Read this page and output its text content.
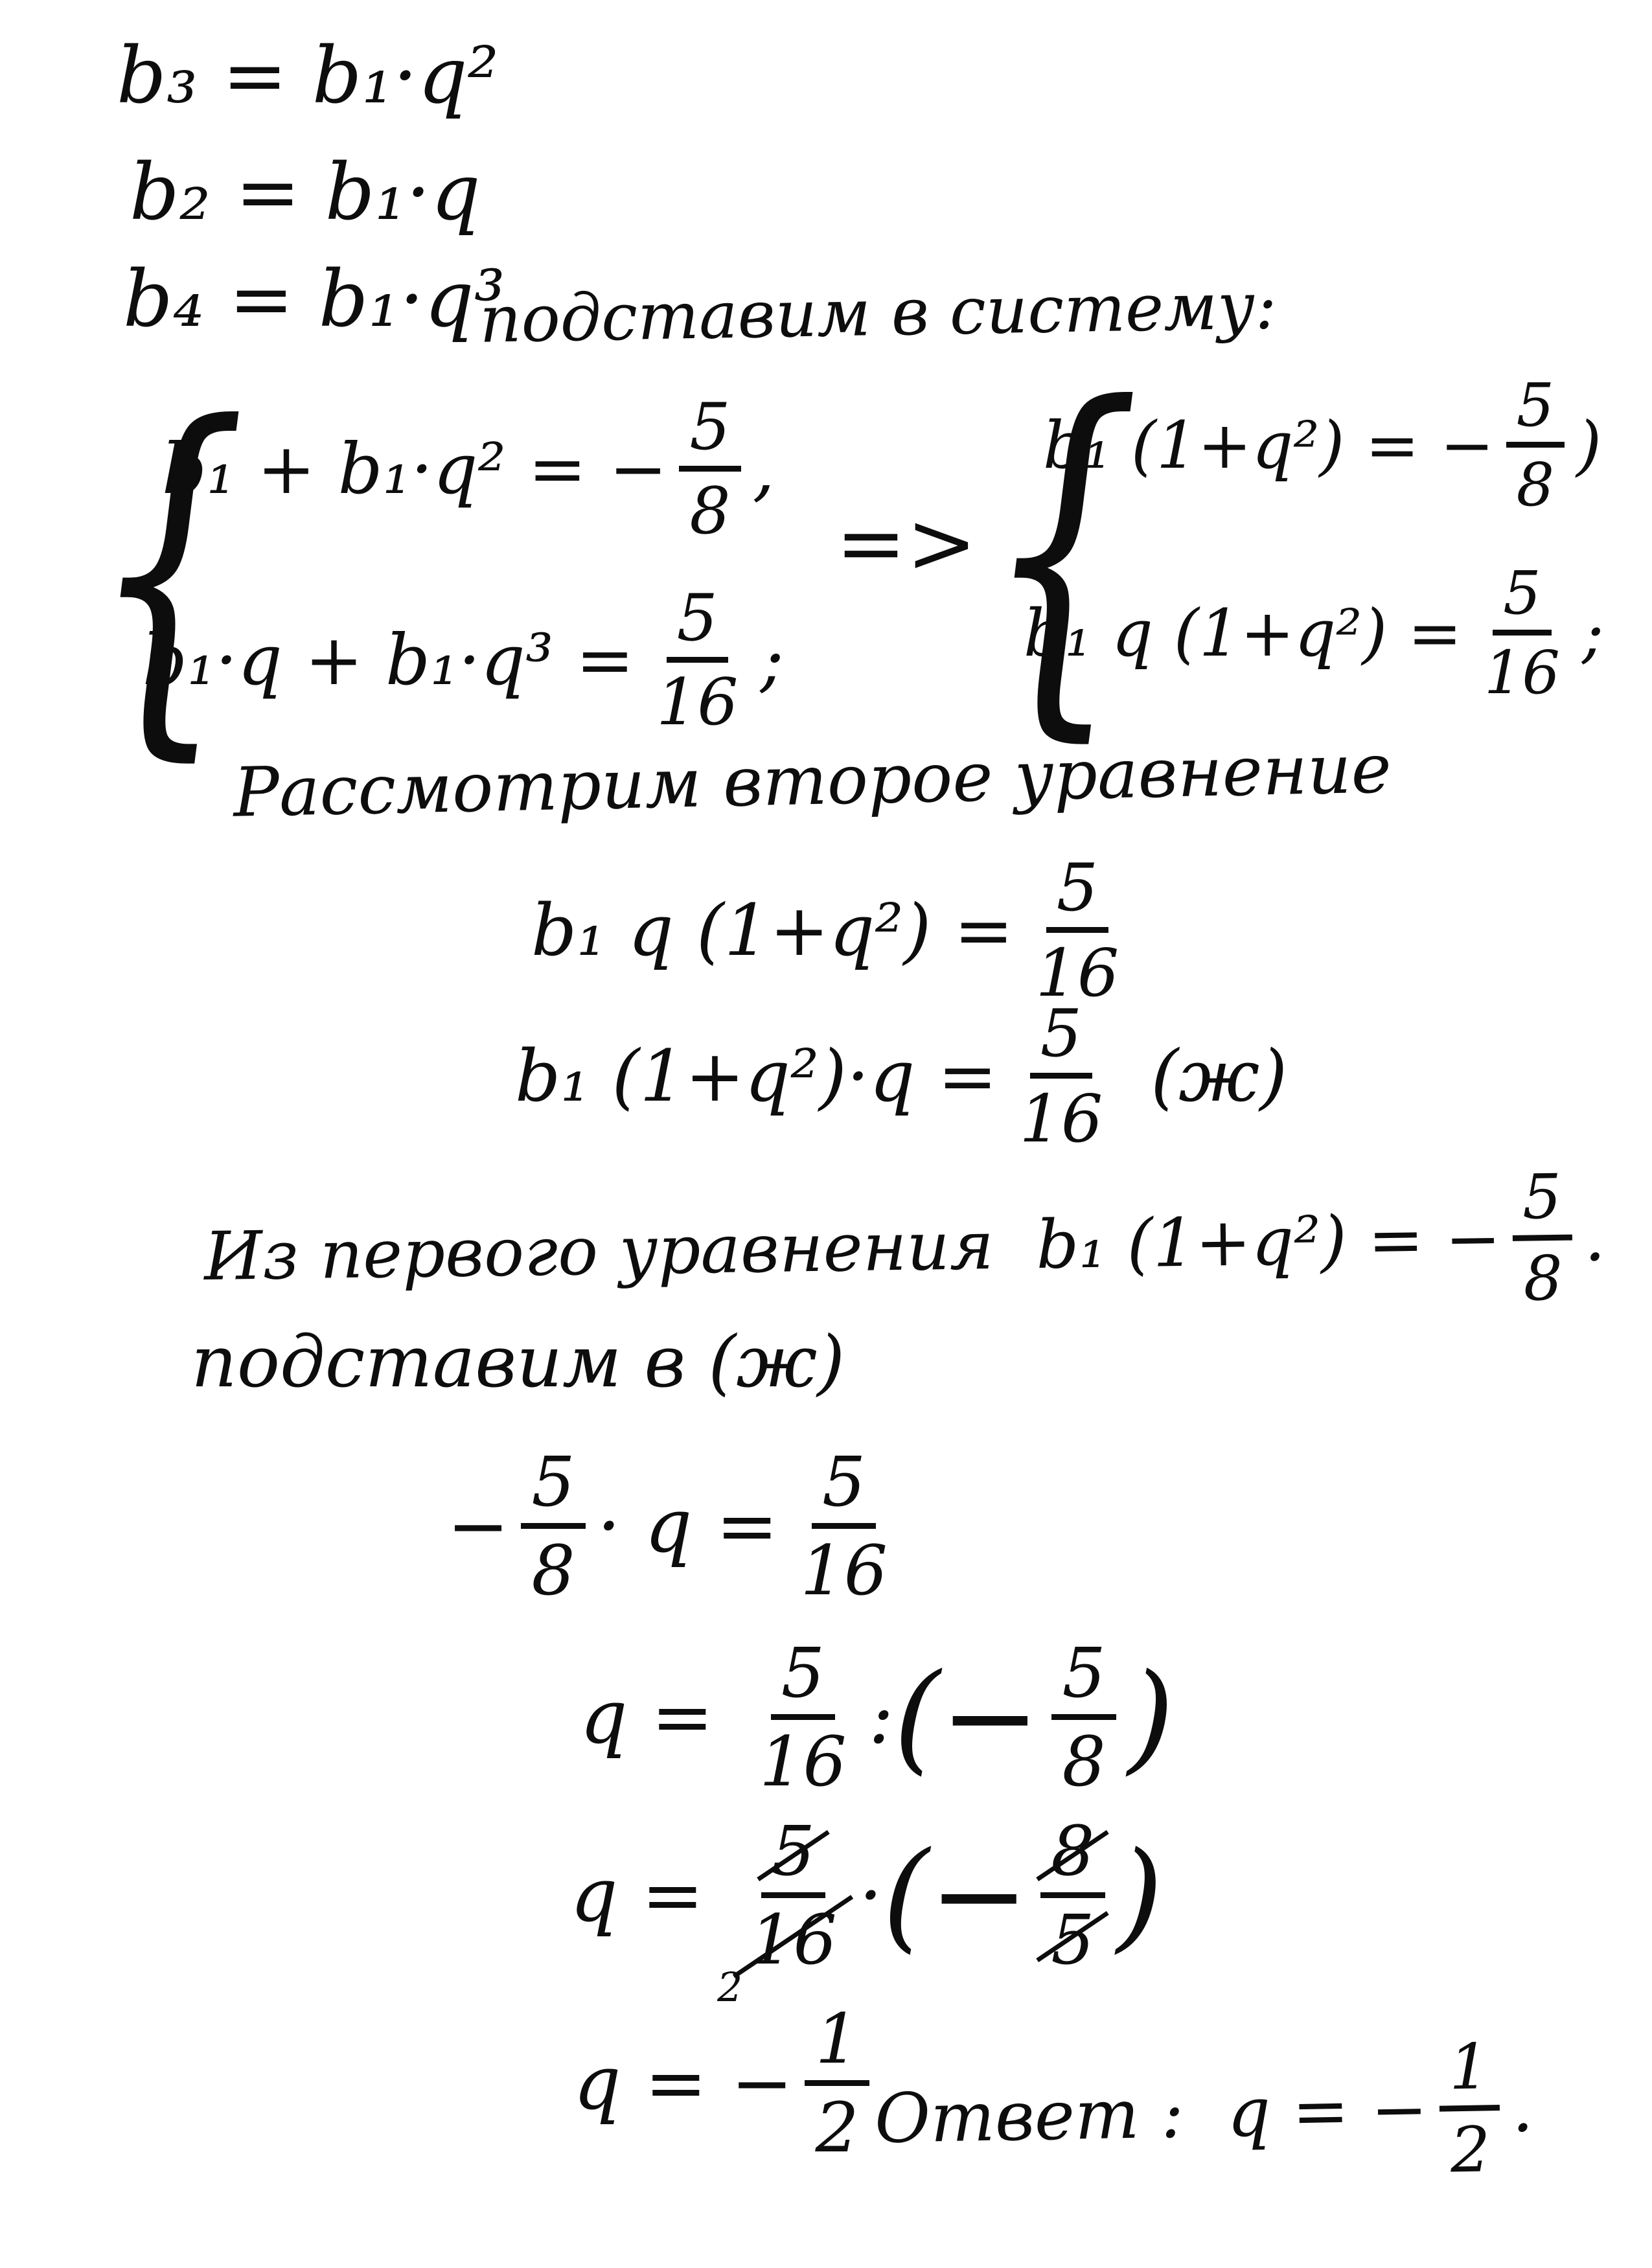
b₃ = b₁·q²
b₂ = b₁·q
b₄ = b₁·q³
подставим в систему:
{
b₁ + b₁·q² = − $\frac{5}{8}$ ,
$b_1\cdot q + b_1\cdot q^3 = \frac{5}{16}$ ;
=> {
b₁ (1+q²) = − $\frac{5}{8}$ )
b₁ q $(1+q^2) = \frac{5}{16}$ ;
Рассмотрим второе уравнение
b₁ q $(1+q^2) = \frac{5}{16}$
b₁ $(1+q^2)\cdot q = \frac{5}{16} (ж)$
Из первого уравнения
b₁ (1+q²) = − $\frac{5}{8}$ .
подставим в (ж)
− $\frac{5}{8} \cdot q = \frac{5}{16}$
$q = \frac{5}{16}$ : (− $\frac{5}{8}$ )
q =
5
16
2
· (− $\frac{8}{5}$ )
q = − $\frac{1}{2}$ Ответ :
q = − $\frac{1}{2}$ .
